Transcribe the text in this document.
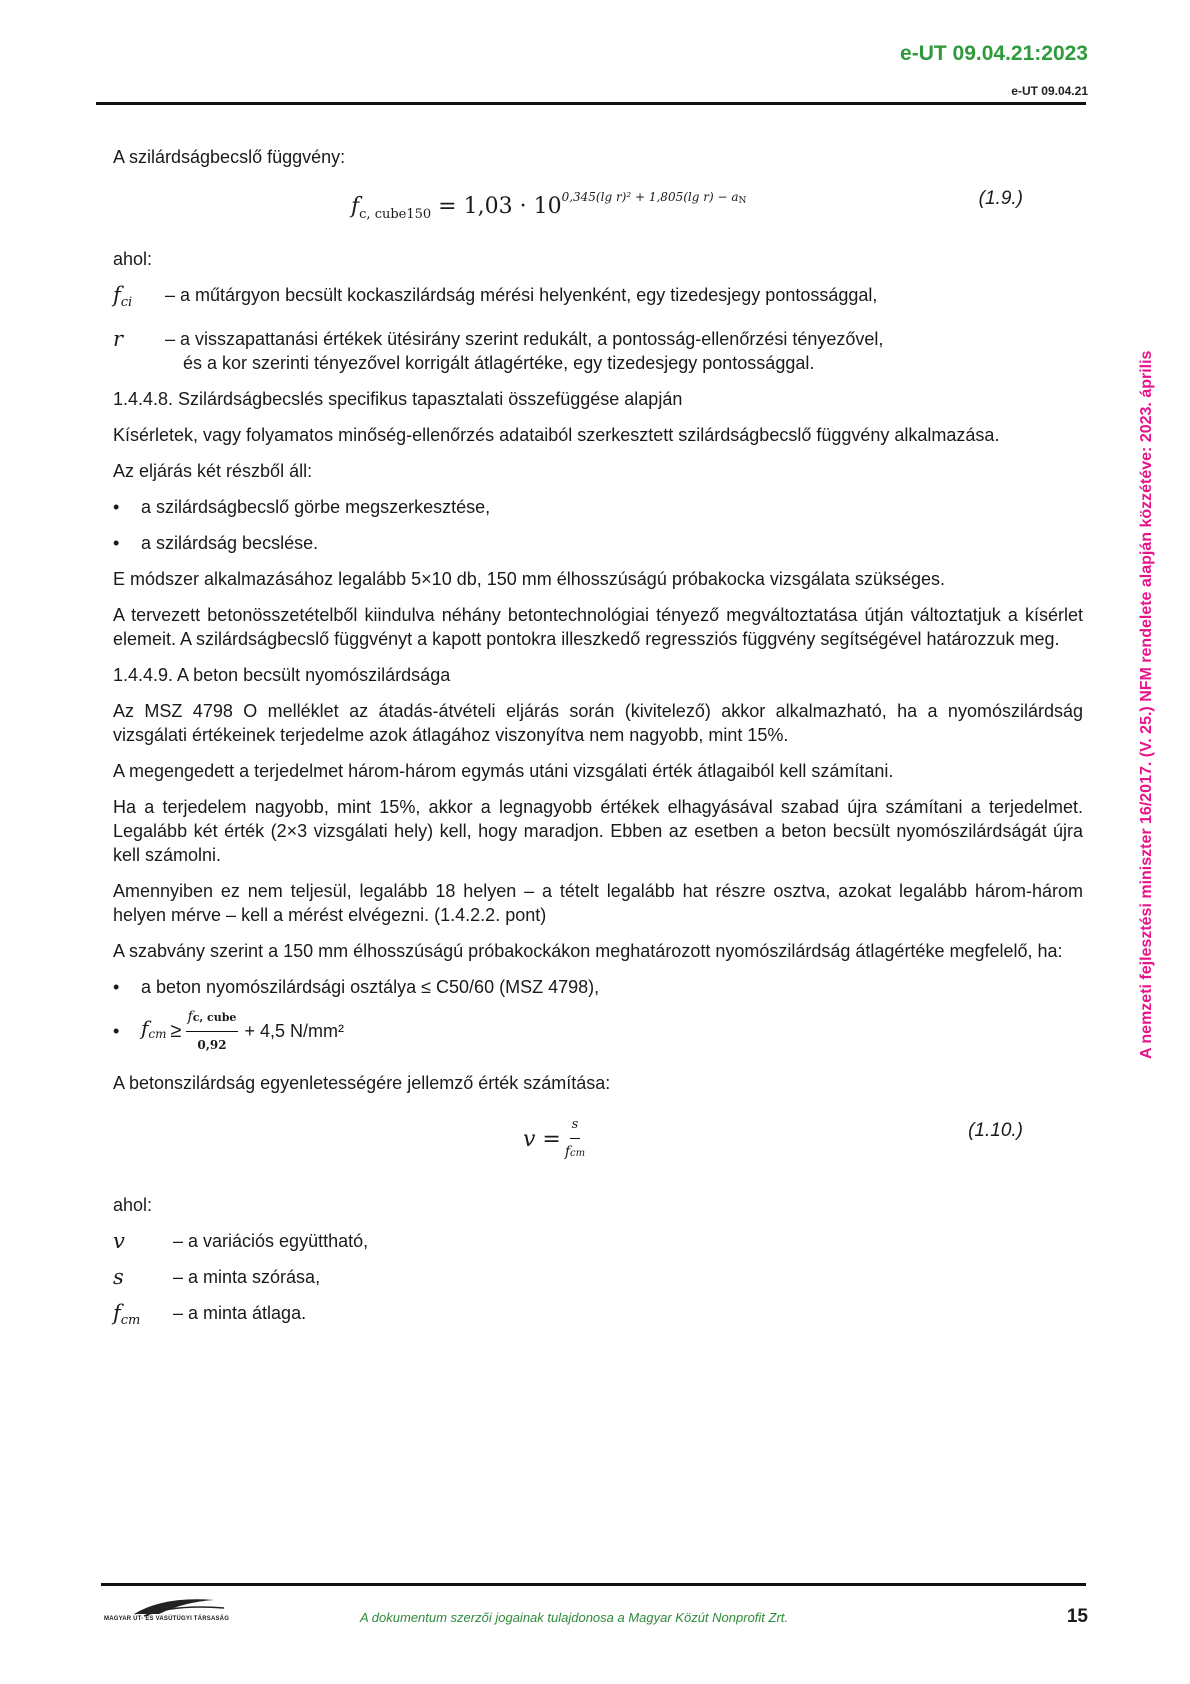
e-UT 09.04.21:2023
e-UT 09.04.21
A nemzeti fejlesztési miniszter 16/2017. (V. 25.) NFM rendelete alapján közzétéve: 2023. április
A szilárdságbecslő függvény:
$f_{c, cube150} = 1,03 \cdot 10^{0,345(lg r)^2 + 1,805(lg r) - a_N}$	(1.9.)
ahol:
$f_{ci}$	– a műtárgyon becsült kockaszilárdság mérési helyenként, egy tizedesjegy pontossággal,
r	– a visszapattanási értékek ütésirány szerint redukált, a pontosság-ellenőrzési tényezővel,
és a kor szerinti tényezővel korrigált átlagértéke, egy tizedesjegy pontossággal.
1.4.4.8. Szilárdságbecslés specifikus tapasztalati összefüggése alapján
Kísérletek, vagy folyamatos minőség-ellenőrzés adataiból szerkesztett szilárdságbecslő függvény alkalmazása.
Az eljárás két részből áll:
•	a szilárdságbecslő görbe megszerkesztése,
•	a szilárdság becslése.
E módszer alkalmazásához legalább 5×10 db, 150 mm élhosszúságú próbakocka vizsgálata szükséges.
A tervezett betonösszetételből kiindulva néhány betontechnológiai tényező megváltoztatása útján változtatjuk a kísérlet elemeit. A szilárdságbecslő függvényt a kapott pontokra illeszkedő regressziós függvény segítségével határozzuk meg.
1.4.4.9. A beton becsült nyomószilárdsága
Az MSZ 4798 O melléklet az átadás-átvételi eljárás során (kivitelező) akkor alkalmazható, ha a nyomószilárdság vizsgálati értékeinek terjedelme azok átlagához viszonyítva nem nagyobb, mint 15%.
A megengedett a terjedelmet három-három egymás utáni vizsgálati érték átlagaiból kell számítani.
Ha a terjedelem nagyobb, mint 15%, akkor a legnagyobb értékek elhagyásával szabad újra számítani a terjedelmet. Legalább két érték (2×3 vizsgálati hely) kell, hogy maradjon. Ebben az esetben a beton becsült nyomószilárdságát újra kell számolni.
Amennyiben ez nem teljesül, legalább 18 helyen – a tételt legalább hat részre osztva, azokat legalább három-három helyen mérve – kell a mérést elvégezni. (1.4.2.2. pont)
A szabvány szerint a 150 mm élhosszúságú próbakockákon meghatározott nyomószilárdság átlagértéke megfelelő, ha:
•	a beton nyomószilárdsági osztálya ≤ C50/60 (MSZ 4798),
•	$f_{cm} \ge \frac{\text{fc, cube}}{0,92} + 4,5$ N/mm²
A betonszilárdság egyenletességére jellemző érték számítása:
$v = \frac{s}{\text{fcm}}$	(1.10.)
ahol:
v	– a variációs együttható,
s	– a minta szórása,
$f_{cm}$	– a minta átlaga.
MAGYAR ÚT- ÉS VASÚTÜGYI TÁRSASÁG	A dokumentum szerzői jogainak tulajdonosa a Magyar Közút Nonprofit Zrt.	15
